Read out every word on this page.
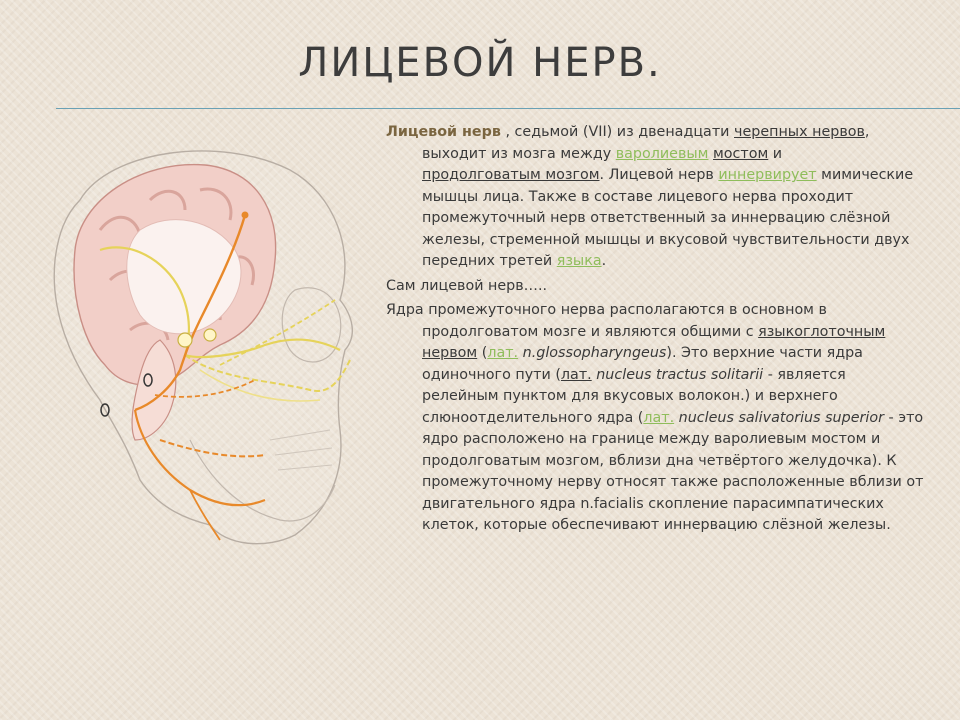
ЛИЦЕВОЙ НЕРВ.

Лицевой нерв , седьмой (VII) из двенадцати черепных нервов,
выходит из мозга между варолиевым мостом и
продолговатым мозгом. Лицевой нерв иннервирует мимические мышцы лица. Также в составе лицевого нерва проходит промежуточный нерв ответственный за иннервацию слёзной железы, стременной мышцы и вкусовой чувствительности двух передних третей языка.

Сам лицевой нерв…..

Ядра промежуточного нерва располагаются в основном в продолговатом мозге и являются общими с языкоглоточным нервом (лат. n.glossopharyngeus). Это верхние части ядра одиночного пути (лат. nucleus tractus solitarii - является релейным пунктом для вкусовых волокон.) и верхнего слюноотделительного ядра (лат. nucleus salivatorius superior - это ядро расположено на границе между варолиевым мостом и продолговатым мозгом, вблизи дна четвёртого желудочка). К промежуточному нерву относят также расположенные вблизи от двигательного ядра n.facialis скопление парасимпатических клеток, которые обеспечивают иннервацию слёзной железы.
